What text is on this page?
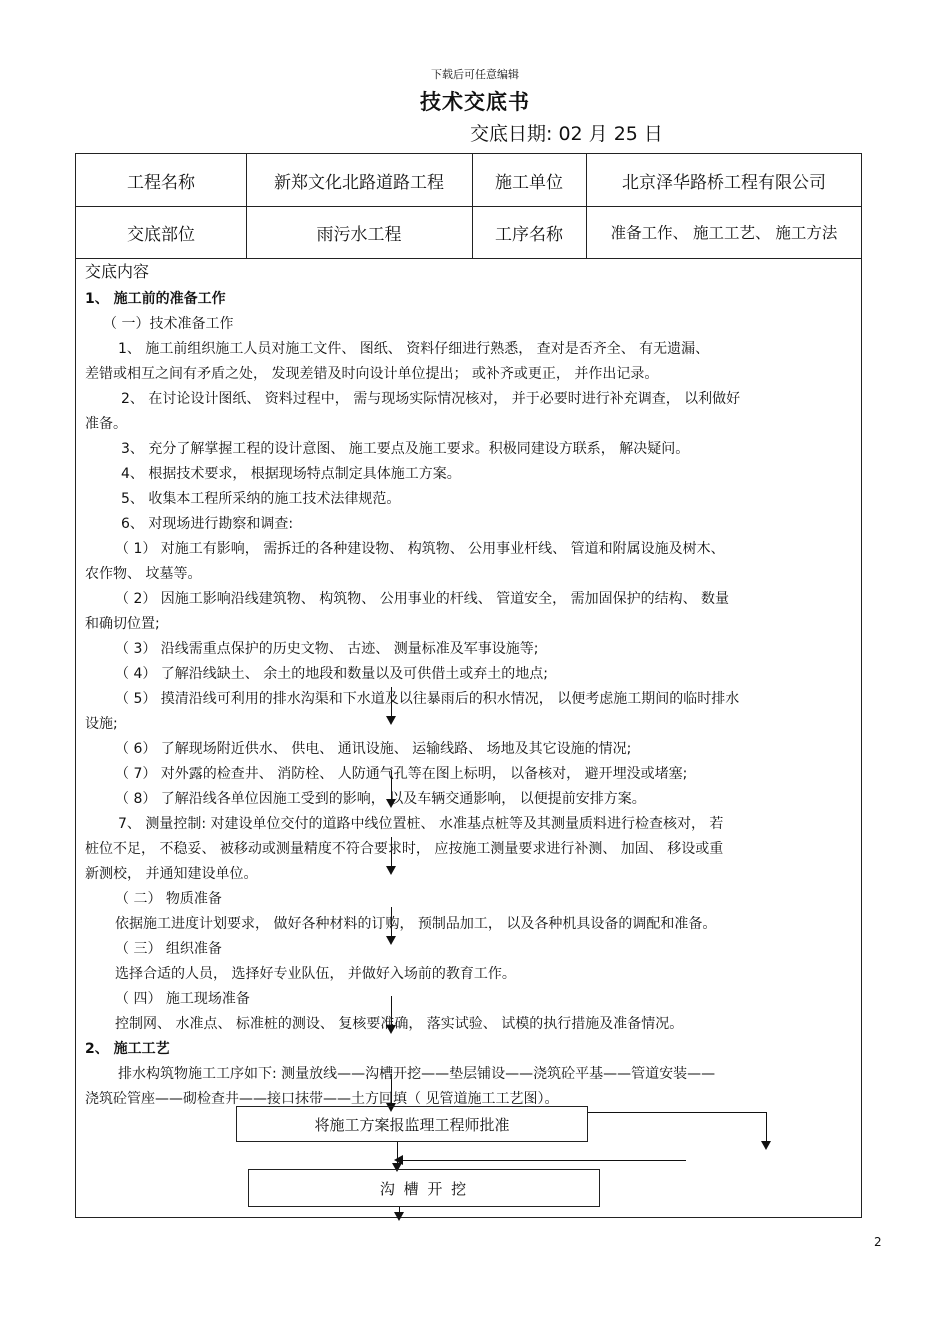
下载后可任意编辑
技术交底书
交底日期: 02 月 25 日
工程名称	新郑文化北路道路工程	施工单位	北京泽华路桥工程有限公司
交底部位	雨污水工程	工序名称	准备工作、 施工工艺、 施工方法
交底内容
1、 施工前的准备工作
（ 一）技术准备工作
1、 施工前组织施工人员对施工文件、 图纸、 资料仔细进行熟悉， 查对是否齐全、 有无遗漏、
差错或相互之间有矛盾之处， 发现差错及时向设计单位提出； 或补齐或更正， 并作出记录。
2、 在讨论设计图纸、 资料过程中， 需与现场实际情况核对， 并于必要时进行补充调查， 以利做好
准备。
3、 充分了解掌握工程的设计意图、 施工要点及施工要求。积极同建设方联系， 解决疑问。
4、 根据技术要求， 根据现场特点制定具体施工方案。
5、 收集本工程所采纳的施工技术法律规范。
6、 对现场进行勘察和调查:
（ 1） 对施工有影响， 需拆迁的各种建设物、 构筑物、 公用事业杆线、 管道和附属设施及树木、
农作物、 坟墓等。
（ 2） 因施工影响沿线建筑物、 构筑物、 公用事业的杆线、 管道安全， 需加固保护的结构、 数量
和确切位置;
（ 3） 沿线需重点保护的历史文物、 古迹、 测量标准及军事设施等;
（ 4） 了解沿线缺土、 余土的地段和数量以及可供借土或弃土的地点;
（ 5） 摸清沿线可利用的排水沟渠和下水道及以往暴雨后的积水情况， 以便考虑施工期间的临时排水
设施;
（ 6） 了解现场附近供水、 供电、 通讯设施、 运输线路、 场地及其它设施的情况;
（ 7） 对外露的检查井、 消防栓、 人防通气孔等在图上标明， 以备核对， 避开埋没或堵塞;
（ 8） 了解沿线各单位因施工受到的影响， 以及车辆交通影响， 以便提前安排方案。
7、 测量控制: 对建设单位交付的道路中线位置桩、 水准基点桩等及其测量质料进行检查核对， 若
桩位不足， 不稳妥、 被移动或测量精度不符合要求时， 应按施工测量要求进行补测、 加固、 移设或重
新测校， 并通知建设单位。
（ 二） 物质准备
依据施工进度计划要求， 做好各种材料的订购， 预制品加工， 以及各种机具设备的调配和准备。
（ 三） 组织准备
选择合适的人员， 选择好专业队伍， 并做好入场前的教育工作。
（ 四） 施工现场准备
控制网、 水准点、 标准桩的测设、 复核要准确， 落实试验、 试模的执行措施及准备情况。
2、 施工工艺
排水构筑物施工工序如下: 测量放线——沟槽开挖——垫层铺设——浇筑砼平基——管道安装——
浇筑砼管座——砌检查井——接口抹带——土方回填（ 见管道施工工艺图）。
将施工方案报监理工程师批准
沟 槽 开 挖
2
